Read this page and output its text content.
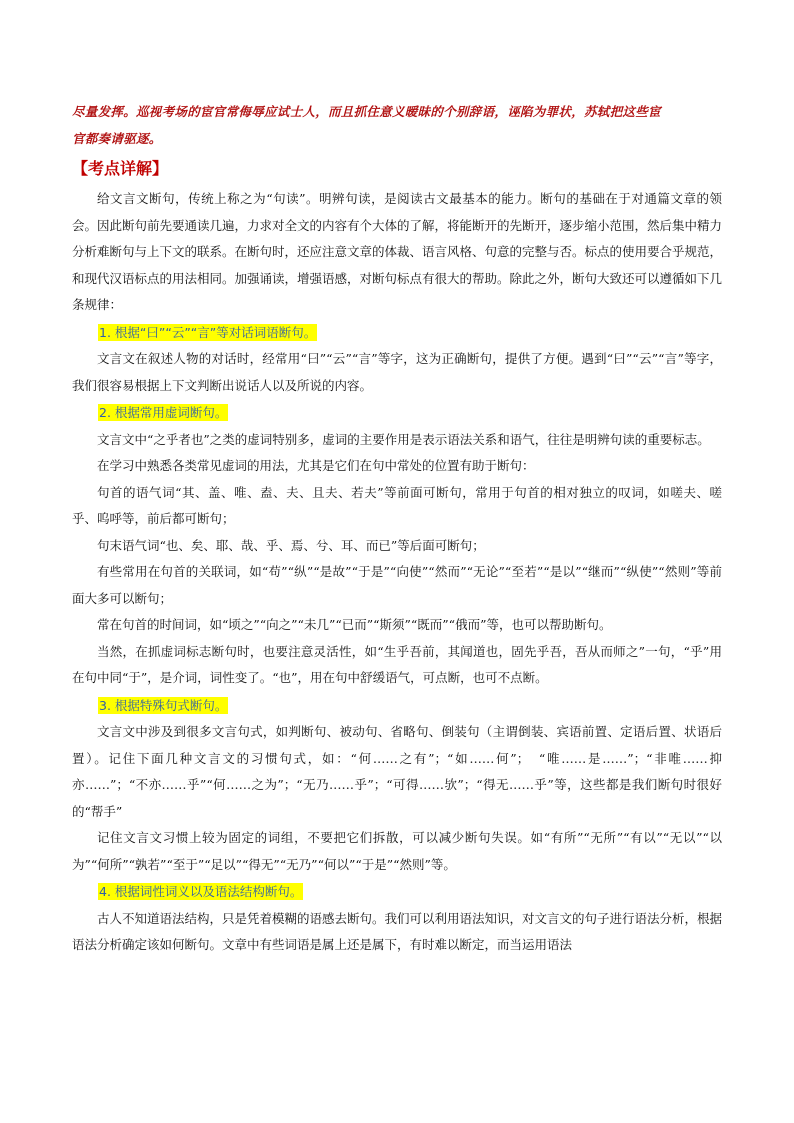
尽量发挥。巡视考场的宦官常侮辱应试士人，而且抓住意义暧昧的个别辞语，诬陷为罪状，苏轼把这些宦

官都奏请驱逐。

【考点详解】

给文言文断句，传统上称之为“句读”。明辨句读，是阅读古文最基本的能力。断句的基础在于对通篇文章的领会。因此断句前先要通读几遍，力求对全文的内容有个大体的了解，将能断开的先断开，逐步缩小范围，然后集中精力分析难断句与上下文的联系。在断句时，还应注意文章的体裁、语言风格、句意的完整与否。标点的使用要合乎规范，和现代汉语标点的用法相同。加强诵读，增强语感，对断句标点有很大的帮助。除此之外，断句大致还可以遵循如下几条规律：

1. 根据“曰”“云”“言”等对话词语断句。

文言文在叙述人物的对话时，经常用“曰”“云”“言”等字，这为正确断句，提供了方便。遇到“曰”“云”“言”等字，我们很容易根据上下文判断出说话人以及所说的内容。

2. 根据常用虚词断句。

文言文中“之乎者也”之类的虚词特别多，虚词的主要作用是表示语法关系和语气，往往是明辨句读的重要标志。

在学习中熟悉各类常见虚词的用法，尤其是它们在句中常处的位置有助于断句：

句首的语气词“其、盖、唯、盍、夫、且夫、若夫”等前面可断句，常用于句首的相对独立的叹词，如嗟夫、嗟乎、呜呼等，前后都可断句；

句末语气词“也、矣、耶、哉、乎、焉、兮、耳、而已”等后面可断句；

有些常用在句首的关联词，如“苟”“纵”“是故”“于是”“向使”“然而”“无论”“至若”“是以”“继而”“纵使”“然则”等前面大多可以断句；

常在句首的时间词，如“顷之”“向之”“未几”“已而”“斯须”“既而”“俄而”等，也可以帮助断句。

当然，在抓虚词标志断句时，也要注意灵活性，如“生乎吾前，其闻道也，固先乎吾，吾从而师之”一句，“乎”用在句中同“于”，是介词，词性变了。“也”，用在句中舒缓语气，可点断，也可不点断。

3. 根据特殊句式断句。

文言文中涉及到很多文言句式，如判断句、被动句、省略句、倒装句（主谓倒装、宾语前置、定语后置、状语后置）。记住下面几种文言文的习惯句式，如：“何……之有”；“如……何”；　“唯……是……”；“非唯……抑亦……”；“不亦……乎”“何……之为”；“无乃……乎”；“可得……欤”；“得无……乎”等，这些都是我们断句时很好的“帮手”

记住文言文习惯上较为固定的词组，不要把它们拆散，可以减少断句失误。如“有所”“无所”“有以”“无以”“以为”“何所”“孰若”“至于”“足以”“得无”“无乃”“何以”“于是”“然则”等。

4. 根据词性词义以及语法结构断句。

古人不知道语法结构，只是凭着模糊的语感去断句。我们可以利用语法知识，对文言文的句子进行语法分析，根据语法分析确定该如何断句。文章中有些词语是属上还是属下，有时难以断定，而当运用语法
